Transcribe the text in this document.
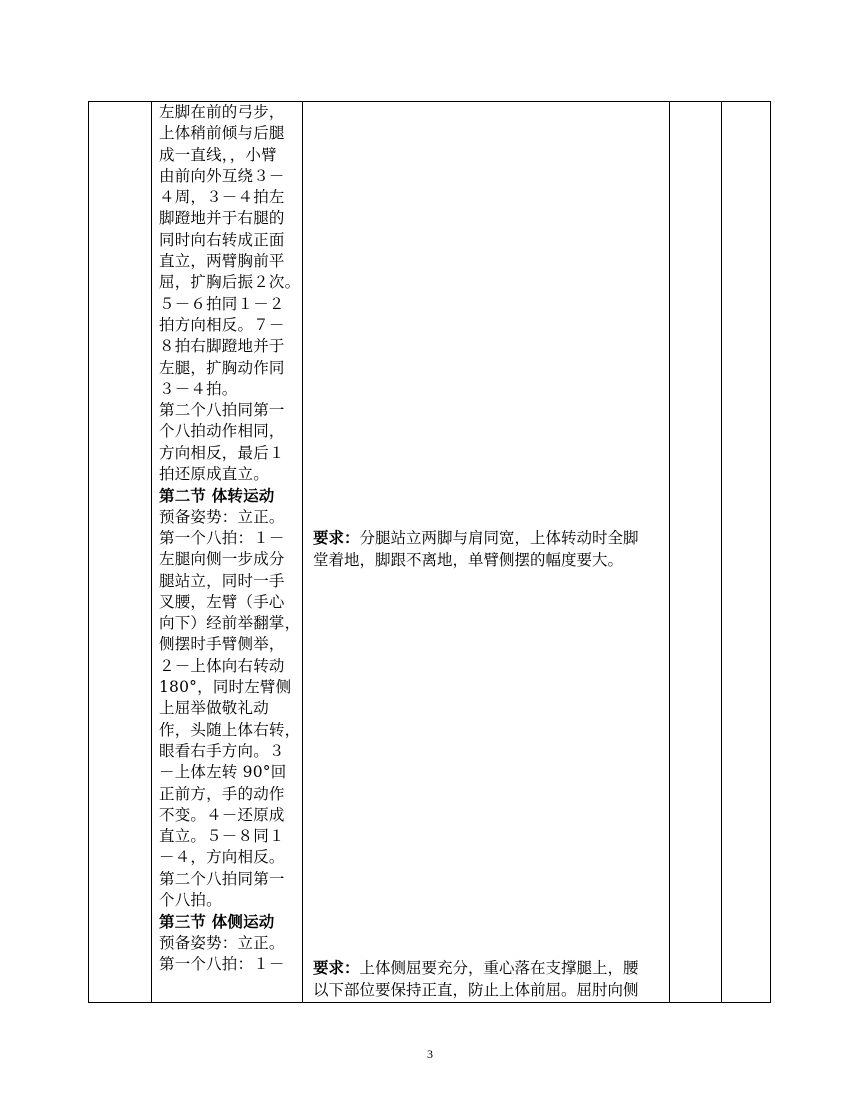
左脚在前的弓步，
上体稍前倾与后腿
成一直线，，小臂
由前向外互绕３－
４周，３－４拍左
脚蹬地并于右腿的
同时向右转成正面
直立，两臂胸前平
屈，扩胸后振２次。
５－６拍同１－２
拍方向相反。７－
８拍右脚蹬地并于
左腿，扩胸动作同
３－４拍。
第二个八拍同第一
个八拍动作相同，
方向相反，最后１
拍还原成直立。
第二节 体转运动
预备姿势：立正。
第一个八拍：１－
左腿向侧一步成分
腿站立，同时一手
叉腰，左臂（手心
向下）经前举翻掌，
侧摆时手臂侧举，
２－上体向右转动
180°，同时左臂侧
上屈举做敬礼动
作，头随上体右转，
眼看右手方向。３
－上体左转 90°回
正前方，手的动作
不变。４－还原成
直立。５－８同１
－４，方向相反。
第二个八拍同第一
个八拍。
第三节 体侧运动
预备姿势：立正。
第一个八拍：１－
要求：分腿站立两脚与肩同宽，上体转动时全脚
堂着地，脚跟不离地，单臂侧摆的幅度要大。
要求：上体侧屈要充分，重心落在支撑腿上，腰
以下部位要保持正直，防止上体前屈。屈肘向侧
3
